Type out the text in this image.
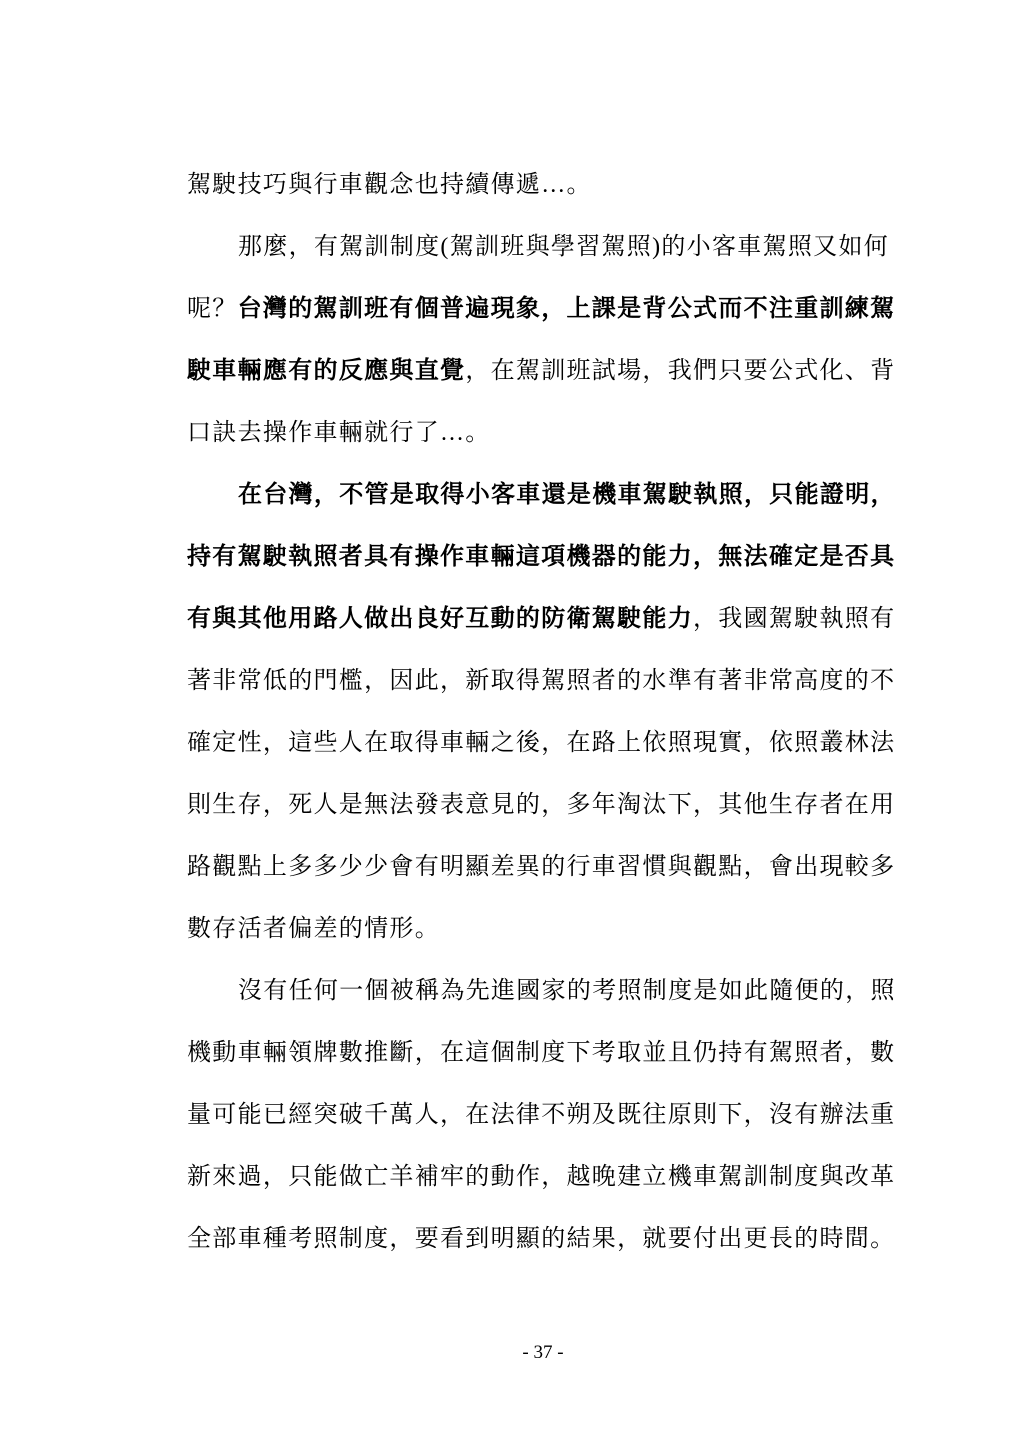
駕駛技巧與行車觀念也持續傳遞…。
那麼，有駕訓制度(駕訓班與學習駕照)的小客車駕照又如何
呢？台灣的駕訓班有個普遍現象，上課是背公式而不注重訓練駕
駛車輛應有的反應與直覺，在駕訓班試場，我們只要公式化、背
口訣去操作車輛就行了…。
在台灣，不管是取得小客車還是機車駕駛執照，只能證明，
持有駕駛執照者具有操作車輛這項機器的能力，無法確定是否具
有與其他用路人做出良好互動的防衛駕駛能力，我國駕駛執照有
著非常低的門檻，因此，新取得駕照者的水準有著非常高度的不
確定性，這些人在取得車輛之後，在路上依照現實，依照叢林法
則生存，死人是無法發表意見的，多年淘汰下，其他生存者在用
路觀點上多多少少會有明顯差異的行車習慣與觀點，會出現較多
數存活者偏差的情形。
沒有任何一個被稱為先進國家的考照制度是如此隨便的，照
機動車輛領牌數推斷，在這個制度下考取並且仍持有駕照者，數
量可能已經突破千萬人，在法律不朔及既往原則下，沒有辦法重
新來過，只能做亡羊補牢的動作，越晚建立機車駕訓制度與改革
全部車種考照制度，要看到明顯的結果，就要付出更長的時間。
- 37 -
